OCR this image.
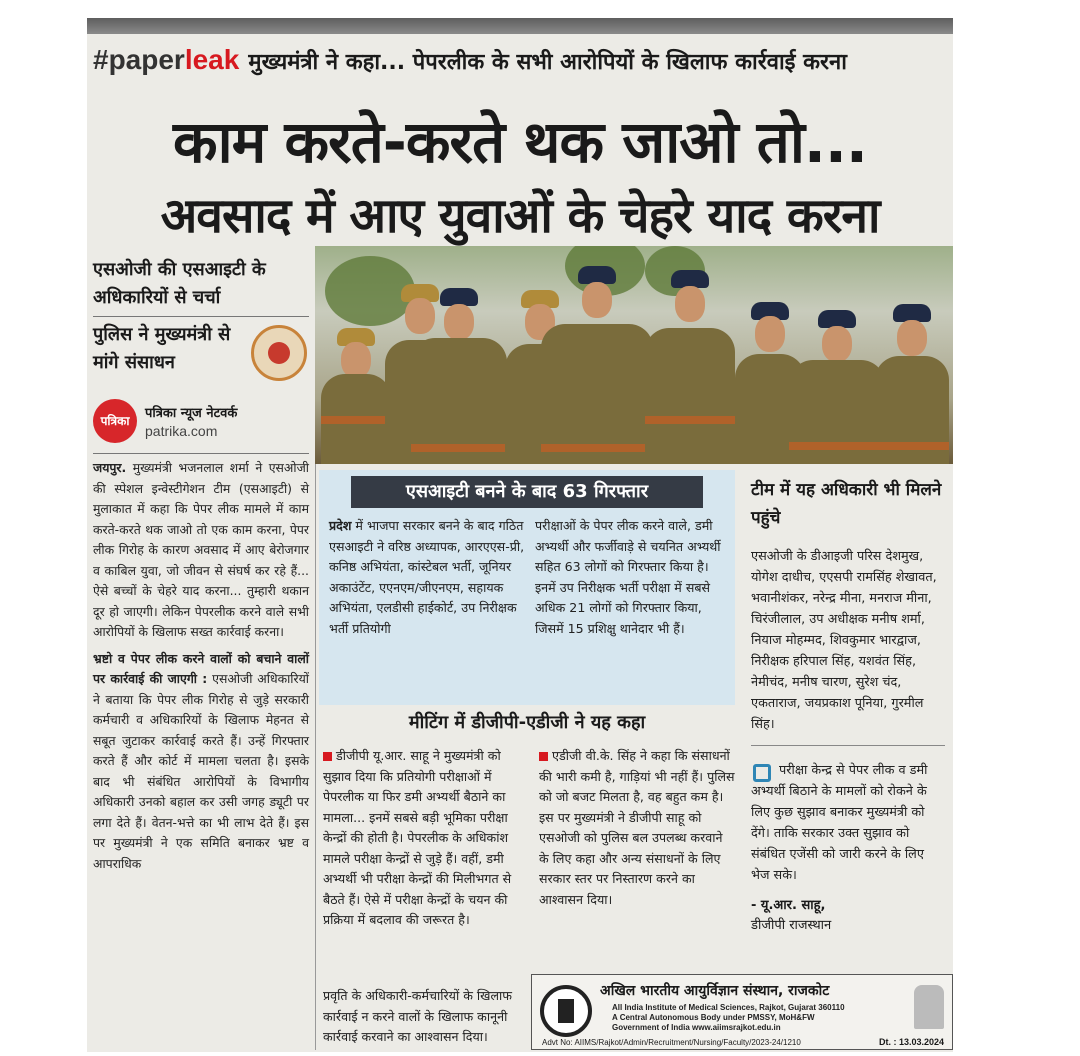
#paperleak मुख्यमंत्री ने कहा... पेपरलीक के सभी आरोपियों के खिलाफ कार्रवाई करना
काम करते-करते थक जाओ तो...
अवसाद में आए युवाओं के चेहरे याद करना
एसओजी की एसआइटी के अधिकारियों से चर्चा
पुलिस ने मुख्यमंत्री से मांगे संसाधन
पत्रिका	पत्रिका न्यूज नेटवर्क
patrika.com

जयपुर. मुख्यमंत्री भजनलाल शर्मा ने एसओजी की स्पेशल इन्वेस्टीगेशन टीम (एसआइटी) से मुलाकात में कहा कि पेपर लीक मामले में काम करते-करते थक जाओ तो एक काम करना, पेपर लीक गिरोह के कारण अवसाद में आए बेरोजगार व काबिल युवा, जो जीवन से संघर्ष कर रहे हैं... ऐसे बच्चों के चेहरे याद करना... तुम्हारी थकान दूर हो जाएगी। लेकिन पेपरलीक करने वाले सभी आरोपियों के खिलाफ सख्त कार्रवाई करना।

भ्रष्टो व पेपर लीक करने वालों को बचाने वालों पर कार्रवाई की जाएगी : एसओजी अधिकारियों ने बताया कि पेपर लीक गिरोह से जुड़े सरकारी कर्मचारी व अधिकारियों के खिलाफ मेहनत से सबूत जुटाकर कार्रवाई करते हैं। उन्हें गिरफ्तार करते हैं और कोर्ट में मामला चलता है। इसके बाद भी संबंधित आरोपियों के विभागीय अधिकारी उनको बहाल कर उसी जगह ड्यूटी पर लगा देते हैं। वेतन-भत्ते का भी लाभ देते हैं। इस पर मुख्यमंत्री ने एक समिति बनाकर भ्रष्ट व आपराधिक

एसआइटी बनने के बाद 63 गिरफ्तार
प्रदेश में भाजपा सरकार बनने के बाद गठित एसआइटी ने वरिष्ठ अध्यापक, आरएएस-प्री, कनिष्ठ अभियंता, कांस्टेबल भर्ती, जूनियर अकाउंटेंट, एएनएम/जीएनएम, सहायक अभियंता, एलडीसी हाईकोर्ट, उप निरीक्षक भर्ती प्रतियोगी
परीक्षाओं के पेपर लीक करने वाले, डमी अभ्यर्थी और फर्जीवाड़े से चयनित अभ्यर्थी सहित 63 लोगों को गिरफ्तार किया है। इनमें उप निरीक्षक भर्ती परीक्षा में सबसे अधिक 21 लोगों को गिरफ्तार किया, जिसमें 15 प्रशिक्षु थानेदार भी हैं।
टीम में यह अधिकारी भी मिलने पहुंचे
एसओजी के डीआइजी परिस देशमुख, योगेश दाधीच, एएसपी रामसिंह शेखावत, भवानीशंकर, नरेन्द्र मीना, मनराज मीना, चिरंजीलाल, उप अधीक्षक मनीष शर्मा, नियाज मोहम्मद, शिवकुमार भारद्वाज, निरीक्षक हरिपाल सिंह, यशवंत सिंह, नेमीचंद, मनीष चारण, सुरेश चंद, एकताराज, जयप्रकाश पूनिया, गुरमील सिंह।
परीक्षा केन्द्र से पेपर लीक व डमी अभ्यर्थी बिठाने के मामलों को रोकने के लिए कुछ सुझाव बनाकर मुख्यमंत्री को देंगे। ताकि सरकार उक्त सुझाव को संबंधित एजेंसी को जारी करने के लिए भेज सके।
- यू.आर. साहू,
डीजीपी राजस्थान
मीटिंग में डीजीपी-एडीजी ने यह कहा

डीजीपी यू.आर. साहू ने मुख्यमंत्री को सुझाव दिया कि प्रतियोगी परीक्षाओं में पेपरलीक या फिर डमी अभ्यर्थी बैठाने का मामला... इनमें सबसे बड़ी भूमिका परीक्षा केन्द्रों की होती है। पेपरलीक के अधिकांश मामले परीक्षा केन्द्रों से जुड़े हैं। वहीं, डमी अभ्यर्थी भी परीक्षा केन्द्रों की मिलीभगत से बैठते हैं। ऐसे में परीक्षा केन्द्रों के चयन की प्रक्रिया में बदलाव की जरूरत है।

एडीजी वी.के. सिंह ने कहा कि संसाधनों की भारी कमी है, गाड़ियां भी नहीं हैं। पुलिस को जो बजट मिलता है, वह बहुत कम है। इस पर मुख्यमंत्री ने डीजीपी साहू को एसओजी को पुलिस बल उपलब्ध करवाने के लिए कहा और अन्य संसाधनों के लिए सरकार स्तर पर निस्तारण करने का आश्वासन दिया।

प्रवृति के अधिकारी-कर्मचारियों के खिलाफ कार्रवाई न करने वालों के खिलाफ कानूनी कार्रवाई करवाने का आश्वासन दिया।
अखिल भारतीय आयुर्विज्ञान संस्थान, राजकोट
All India Institute of Medical Sciences, Rajkot, Gujarat 360110
A Central Autonomous Body under PMSSY, MoH&FW
Government of India www.aiimsrajkot.edu.in
Advt No: AIIMS/Rajkot/Admin/Recruitment/Nursing/Faculty/2023-24/1210	Dt. : 13.03.2024
